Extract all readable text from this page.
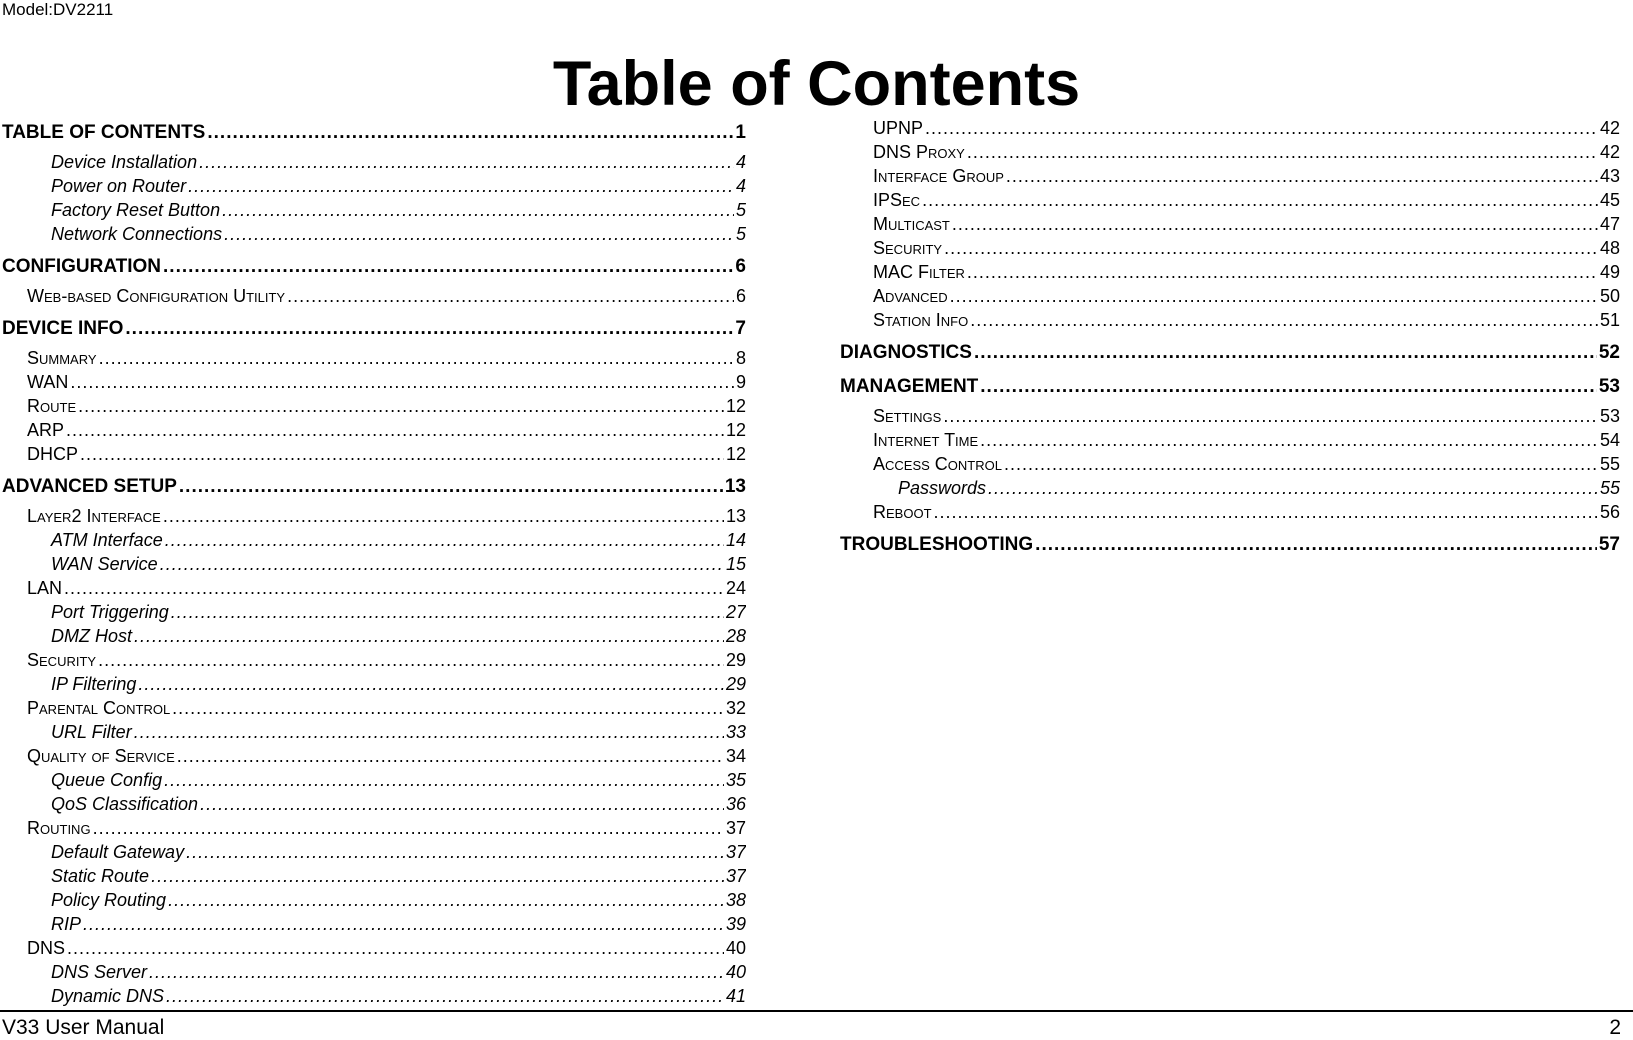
Model:DV2211
Table of Contents
TABLE OF CONTENTS .....	1
Device Installation .....	4
Power on Router .....	4
Factory Reset Button .....	5
Network Connections .....	5
CONFIGURATION .....	6
Web-based Configuration Utility .....	6
DEVICE INFO .....	7
Summary .....	8
WAN .....	9
Route .....	12
ARP .....	12
DHCP .....	12
ADVANCED SETUP .....	13
Layer2 Interface .....	13
ATM Interface .....	14
WAN Service .....	15
LAN .....	24
Port Triggering .....	27
DMZ Host .....	28
Security .....	29
IP Filtering .....	29
Parental Control .....	32
URL Filter .....	33
Quality of Service .....	34
Queue Config .....	35
QoS Classification .....	36
Routing .....	37
Default Gateway .....	37
Static Route .....	37
Policy Routing .....	38
RIP .....	39
DNS .....	40
DNS Server .....	40
Dynamic DNS .....	41
UPNP .....	42
DNS Proxy .....	42
Interface Group .....	43
IPSec .....	45
Multicast .....	47
Security .....	48
MAC Filter .....	49
Advanced .....	50
Station Info .....	51
DIAGNOSTICS .....	52
MANAGEMENT .....	53
Settings .....	53
Internet Time .....	54
Access Control .....	55
Passwords .....	55
Reboot .....	56
TROUBLESHOOTING .....	57
V33 User Manual	2
